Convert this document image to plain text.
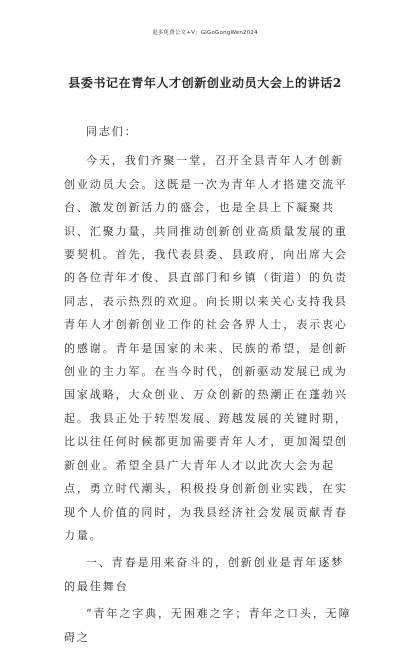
更多免费公文+V：GiGoGongWen2024
县委书记在青年人才创新创业动员大会上的讲话2

同志们：

今天，我们齐聚一堂，召开全县青年人才创新创业动员大会。这既是一次为青年人才搭建交流平台、激发创新活力的盛会，也是全县上下凝聚共识、汇聚力量，共同推动创新创业高质量发展的重要契机。首先，我代表县委、县政府，向出席大会的各位青年才俊、县直部门和乡镇（街道）的负责同志，表示热烈的欢迎。向长期以来关心支持我县青年人才创新创业工作的社会各界人士，表示衷心的感谢。青年是国家的未来、民族的希望，是创新创业的主力军。在当今时代，创新驱动发展已成为国家战略，大众创业、万众创新的热潮正在蓬勃兴起。我县正处于转型发展、跨越发展的关键时期，比以往任何时候都更加需要青年人才，更加渴望创新创业。希望全县广大青年人才以此次大会为起点，勇立时代潮头，积极投身创新创业实践，在实现个人价值的同时，为我县经济社会发展贡献青春力量。

一、青春是用来奋斗的，创新创业是青年逐梦的最佳舞台

“青年之字典，无困难之字；青年之口头，无障碍之
